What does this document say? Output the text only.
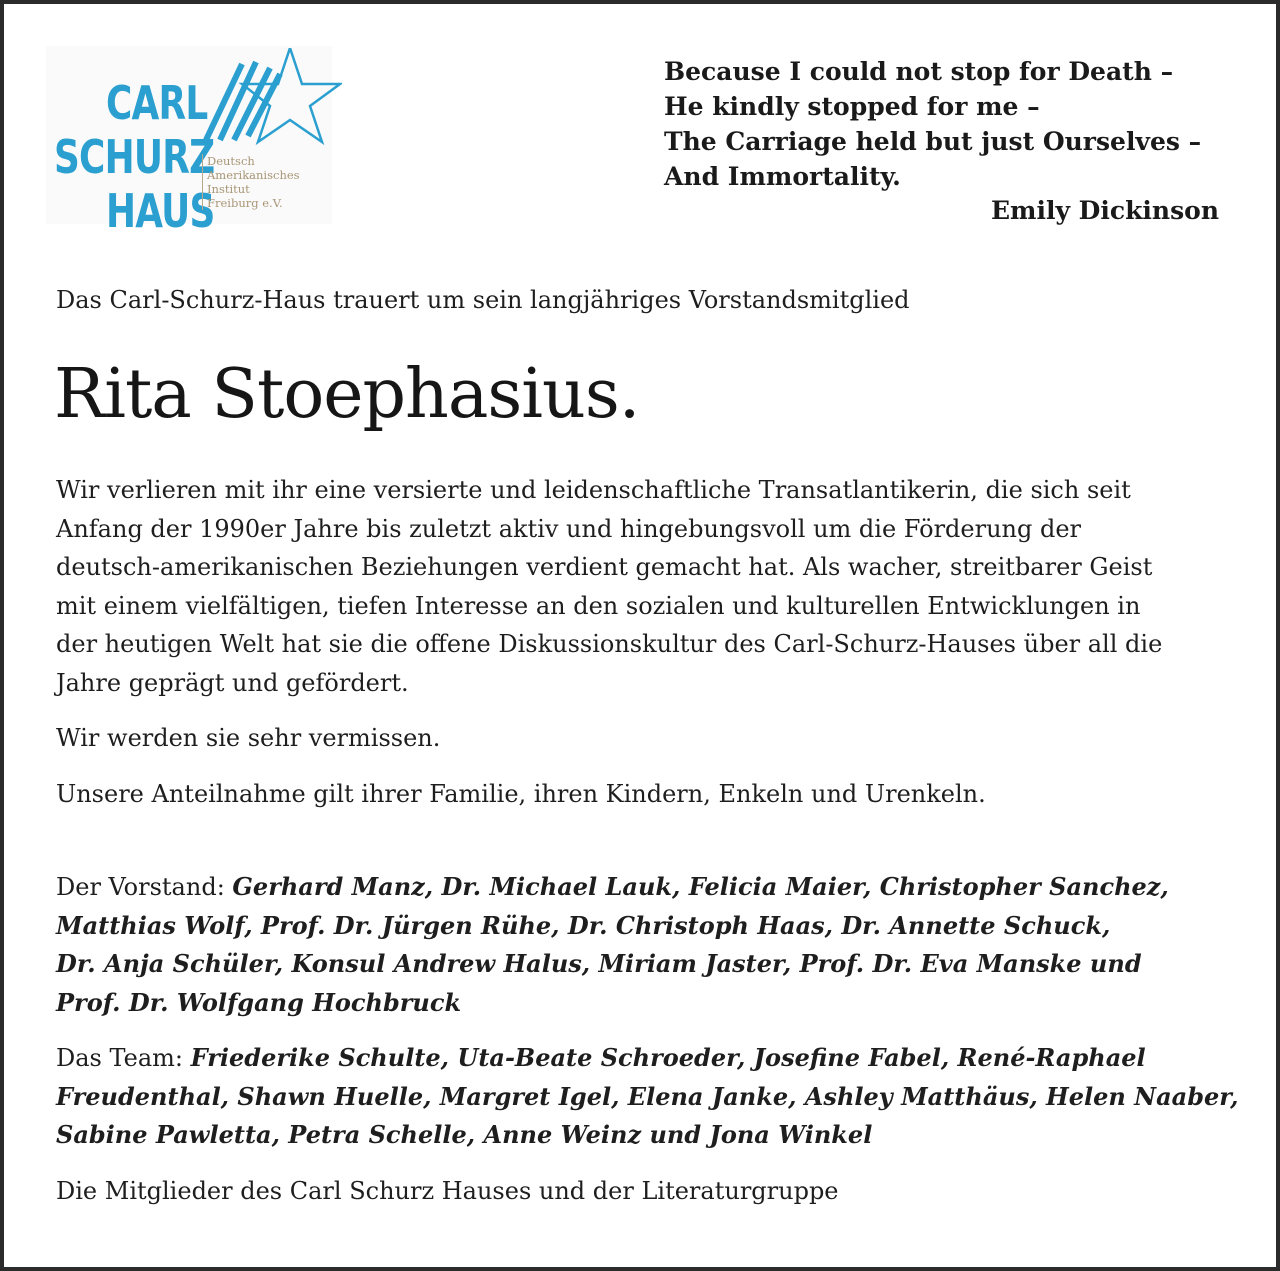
CARL
SCHURZ
HAUS
Deutsch
Amerikanisches
Institut
Freiburg e.V.
Because I could not stop for Death –
He kindly stopped for me –
The Carriage held but just Ourselves –
And Immortality.
Emily Dickinson
Das Carl-Schurz-Haus trauert um sein langjähriges Vorstandsmitglied
Rita Stoephasius.

Wir verlieren mit ihr eine versierte und leidenschaftliche Transatlantikerin, die sich seit
Anfang der 1990er Jahre bis zuletzt aktiv und hingebungsvoll um die Förderung der
deutsch-amerikanischen Beziehungen verdient gemacht hat. Als wacher, streitbarer Geist
mit einem vielfältigen, tiefen Interesse an den sozialen und kulturellen Entwicklungen in
der heutigen Welt hat sie die offene Diskussionskultur des Carl-Schurz-Hauses über all die
Jahre geprägt und gefördert.

Wir werden sie sehr vermissen.

Unsere Anteilnahme gilt ihrer Familie, ihren Kindern, Enkeln und Urenkeln.

Der Vorstand: Gerhard Manz, Dr. Michael Lauk, Felicia Maier, Christopher Sanchez,
Matthias Wolf, Prof. Dr. Jürgen Rühe, Dr. Christoph Haas, Dr. Annette Schuck,
Dr. Anja Schüler, Konsul Andrew Halus, Miriam Jaster, Prof. Dr. Eva Manske und
Prof. Dr. Wolfgang Hochbruck

Das Team: Friederike Schulte, Uta-Beate Schroeder, Josefine Fabel, René-Raphael
Freudenthal, Shawn Huelle, Margret Igel, Elena Janke, Ashley Matthäus, Helen Naaber,
Sabine Pawletta, Petra Schelle, Anne Weinz und Jona Winkel

Die Mitglieder des Carl Schurz Hauses und der Literaturgruppe
